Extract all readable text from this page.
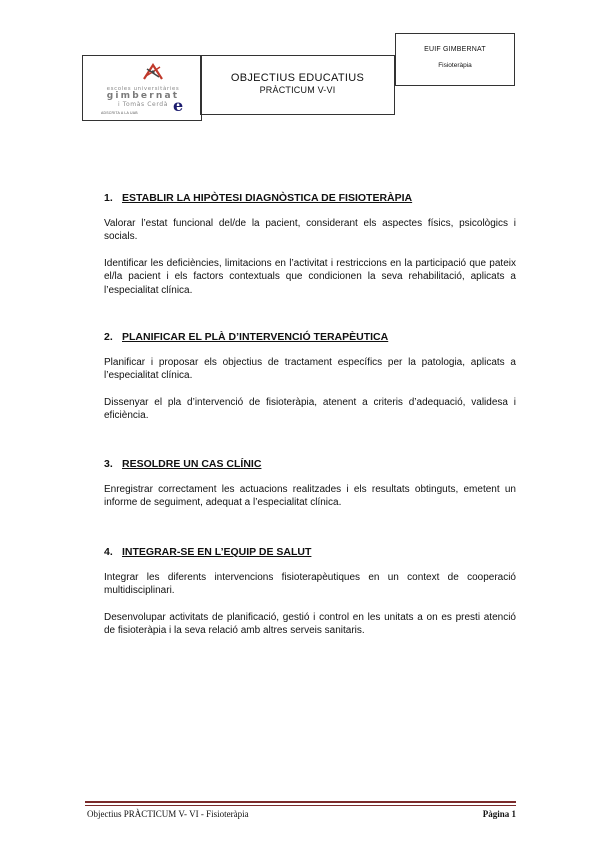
escoles universitàries
gimbernat
i Tomàs Cerdà
ADSCRITA A LA UAB e
OBJECTIUS EDUCATIUS
PRÀCTICUM V-VI
EUIF GIMBERNAT
Fisioteràpia
1. ESTABLIR LA HIPÒTESI DIAGNÒSTICA DE FISIOTERÀPIA

Valorar l’estat funcional del/de la pacient, considerant els aspectes físics, psicològics i socials.

Identificar les deficiències, limitacions en l’activitat i restriccions en la participació que pateix el/la pacient i els factors contextuals que condicionen la seva rehabilitació, aplicats a l’especialitat clínica.

2. PLANIFICAR EL PLÀ D’INTERVENCIÓ TERAPÈUTICA

Planificar i proposar els objectius de tractament específics per la patologia, aplicats a l’especialitat clínica.

Dissenyar el pla d’intervenció de fisioteràpia, atenent a criteris d’adequació, validesa i eficiència.

3. RESOLDRE UN CAS CLÍNIC

Enregistrar correctament les actuacions realitzades i els resultats obtinguts, emetent un informe de seguiment, adequat a l’especialitat clínica.

4. INTEGRAR-SE EN L’EQUIP DE SALUT

Integrar les diferents intervencions fisioterapèutiques en un context de cooperació multidisciplinari.

Desenvolupar activitats de planificació, gestió i control en les unitats a on es presti atenció de fisioteràpia i la seva relació amb altres serveis sanitaris.

Objectius PRÀCTICUM V- VI - Fisioteràpia	Pàgina 1
